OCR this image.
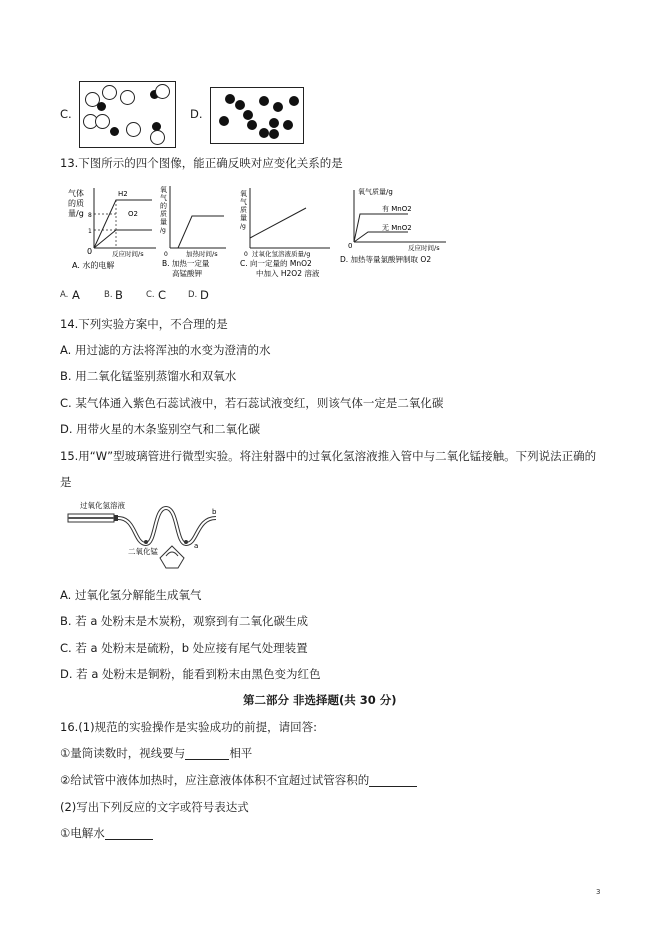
C.	D.
13.下图所示的四个图像，能正确反映对应变化关系的是
气体
的质
量/g 8
1
0
H2
O2
反应时间/s
A. 水的电解
氧
气
的
质
量
/g
0	加热时间/s
B. 加热一定量
高锰酸钾
氧
气
质
量
/g
0 过氧化氢溶液质量/g
C. 向一定量的 MnO2
中加入 H2O2 溶液
氧气质量/g
有 MnO2
无 MnO2
0	反应时间/s
D. 加热等量氯酸钾制取 O2
A. A	B. B	C. C	D. D
14.下列实验方案中，不合理的是
A. 用过滤的方法将浑浊的水变为澄清的水
B. 用二氧化锰鉴别蒸馏水和双氧水
C. 某气体通入紫色石蕊试液中，若石蕊试液变红，则该气体一定是二氧化碳
D. 用带火星的木条鉴别空气和二氧化碳
15.用“W”型玻璃管进行微型实验。将注射器中的过氧化氢溶液推入管中与二氧化锰接触。下列说法正确的
是
过氧化氢溶液
二氧化锰
a
b
A. 过氧化氢分解能生成氧气
B. 若 a 处粉末是木炭粉，观察到有二氧化碳生成
C. 若 a 处粉末是硫粉，b 处应接有尾气处理装置
D. 若 a 处粉末是铜粉，能看到粉末由黑色变为红色
第二部分 非选择题(共 30 分)
16.(1)规范的实验操作是实验成功的前提，请回答:
①量筒读数时，视线要与	相平
②给试管中液体加热时，应注意液体体积不宜超过试管容积的
(2)写出下列反应的文字或符号表达式
①电解水
3
